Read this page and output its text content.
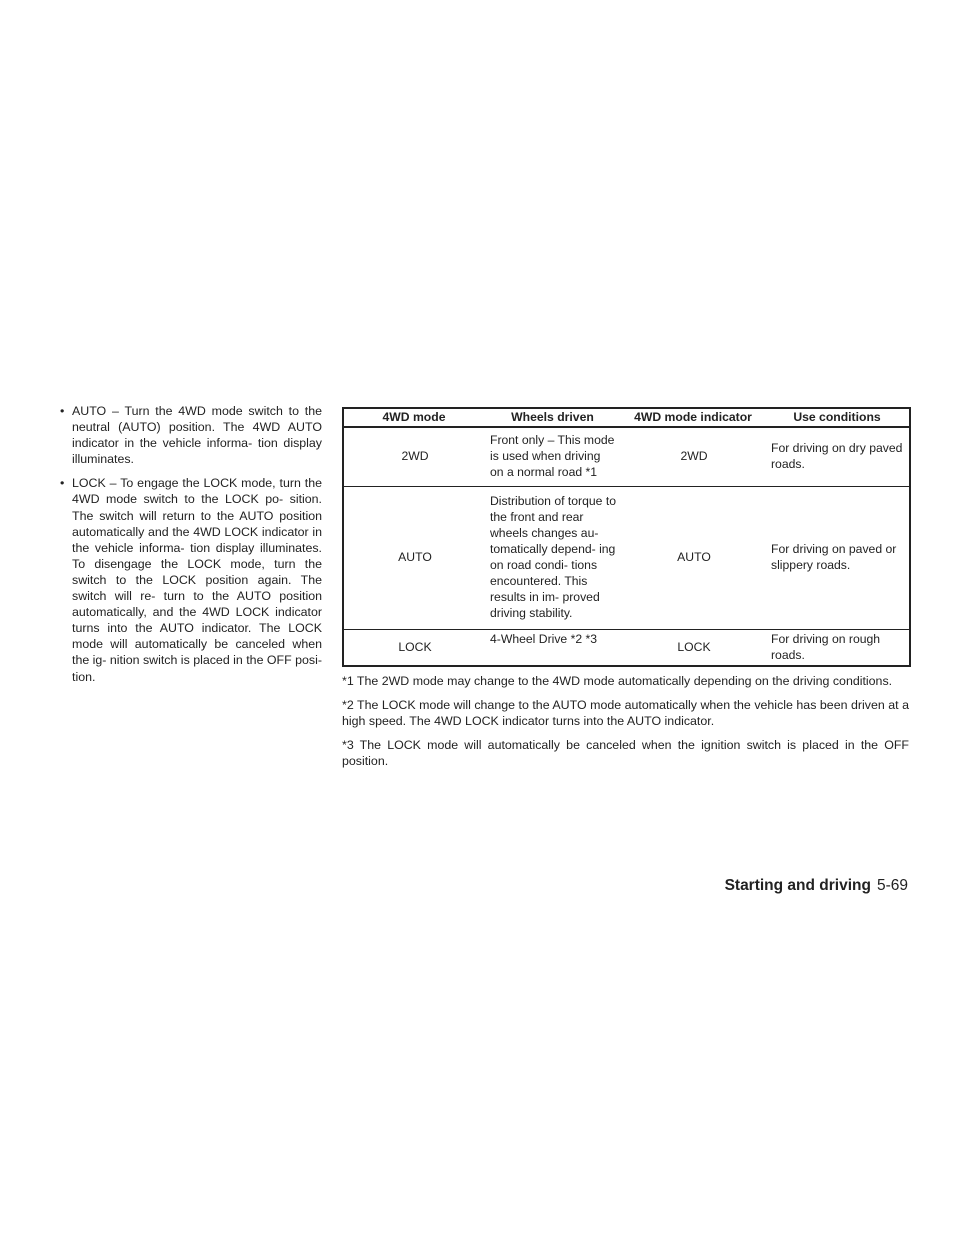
• AUTO – Turn the 4WD mode switch to the neutral (AUTO) position. The 4WD AUTO indicator in the vehicle informa- tion display illuminates.
• LOCK – To engage the LOCK mode, turn the 4WD mode switch to the LOCK po- sition. The switch will return to the AUTO position automatically and the 4WD LOCK indicator in the vehicle informa- tion display illuminates. To disengage the LOCK mode, turn the switch to the LOCK position again. The switch will re- turn to the AUTO position automatically, and the 4WD LOCK indicator turns into the AUTO indicator. The LOCK mode will automatically be canceled when the ig- nition switch is placed in the OFF posi- tion.
4WD mode	Wheels driven	4WD mode indicator	Use conditions
2WD	Front only – This mode is used when driving on a normal road *1	2WD	For driving on dry paved roads.
AUTO	Distribution of torque to the front and rear wheels changes au- tomatically depend- ing on road condi- tions encountered. This results in im- proved driving stability.	AUTO	For driving on paved or slippery roads.
LOCK	4-Wheel Drive *2 *3	LOCK	For driving on rough roads.

*1 The 2WD mode may change to the 4WD mode automatically depending on the driving conditions.

*2 The LOCK mode will change to the AUTO mode automatically when the vehicle has been driven at a high speed. The 4WD LOCK indicator turns into the AUTO indicator.

*3 The LOCK mode will automatically be canceled when the ignition switch is placed in the OFF position.

Starting and driving 5-69
